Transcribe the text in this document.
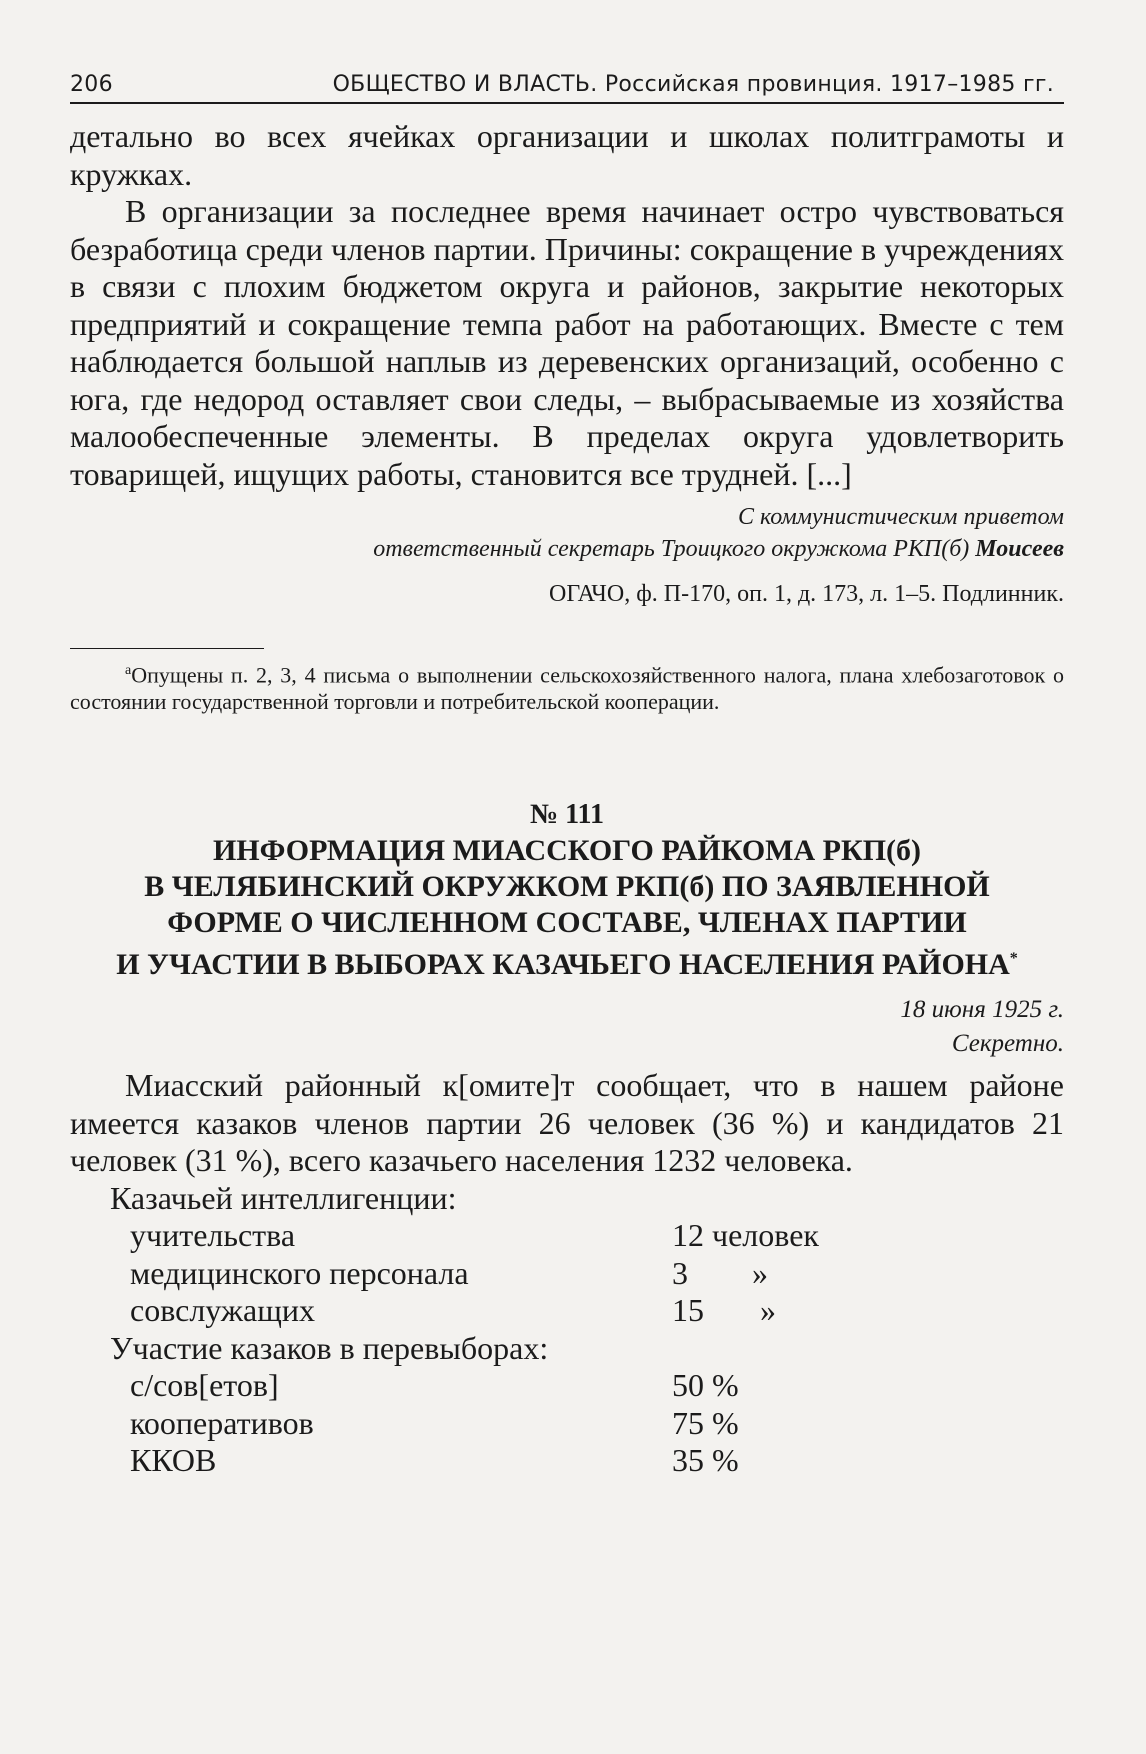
206	ОБЩЕСТВО И ВЛАСТЬ. Российская провинция. 1917–1985 гг.

детально во всех ячейках организации и школах политграмоты и кружках.

В организации за последнее время начинает остро чувствоваться безработица среди членов партии. Причины: сокращение в учреждениях в связи с плохим бюджетом округа и районов, закрытие некоторых предприятий и сокращение темпа работ на работающих. Вместе с тем наблюдается большой наплыв из деревенских организаций, особенно с юга, где недород оставляет свои следы, – выбрасываемые из хозяйства малообеспеченные элементы. В пределах округа удовлетворить товарищей, ищущих работы, становится все трудней. [...]

С коммунистическим приветом
ответственный секретарь Троицкого окружкома РКП(б) Моисеев
ОГАЧО, ф. П-170, оп. 1, д. 173, л. 1–5. Подлинник.
$^a$Опущены п. 2, 3, 4 письма о выполнении сельскохозяйственного налога, плана хлебозаготовок о состоянии государственной торговли и потребительской кооперации.
№ 111
ИНФОРМАЦИЯ МИАССКОГО РАЙКОМА РКП(б)
В ЧЕЛЯБИНСКИЙ ОКРУЖКОМ РКП(б) ПО ЗАЯВЛЕННОЙ
ФОРМЕ О ЧИСЛЕННОМ СОСТАВЕ, ЧЛЕНАХ ПАРТИИ
И УЧАСТИИ В ВЫБОРАХ КАЗАЧЬЕГО НАСЕЛЕНИЯ РАЙОНА*
18 июня 1925 г.
Секретно.

Миасский районный к[омите]т сообщает, что в нашем районе имеется казаков членов партии 26 человек (36 %) и кандидатов 21 человек (31 %), всего казачьего населения 1232 человека.

Казачьей интеллигенции:
учительства	12 человек
медицинского персонала	3        »
совслужащих	15       »
Участие казаков в перевыборах:
с/сов[етов]	50 %
кооперативов	75 %
ККОВ	35 %
